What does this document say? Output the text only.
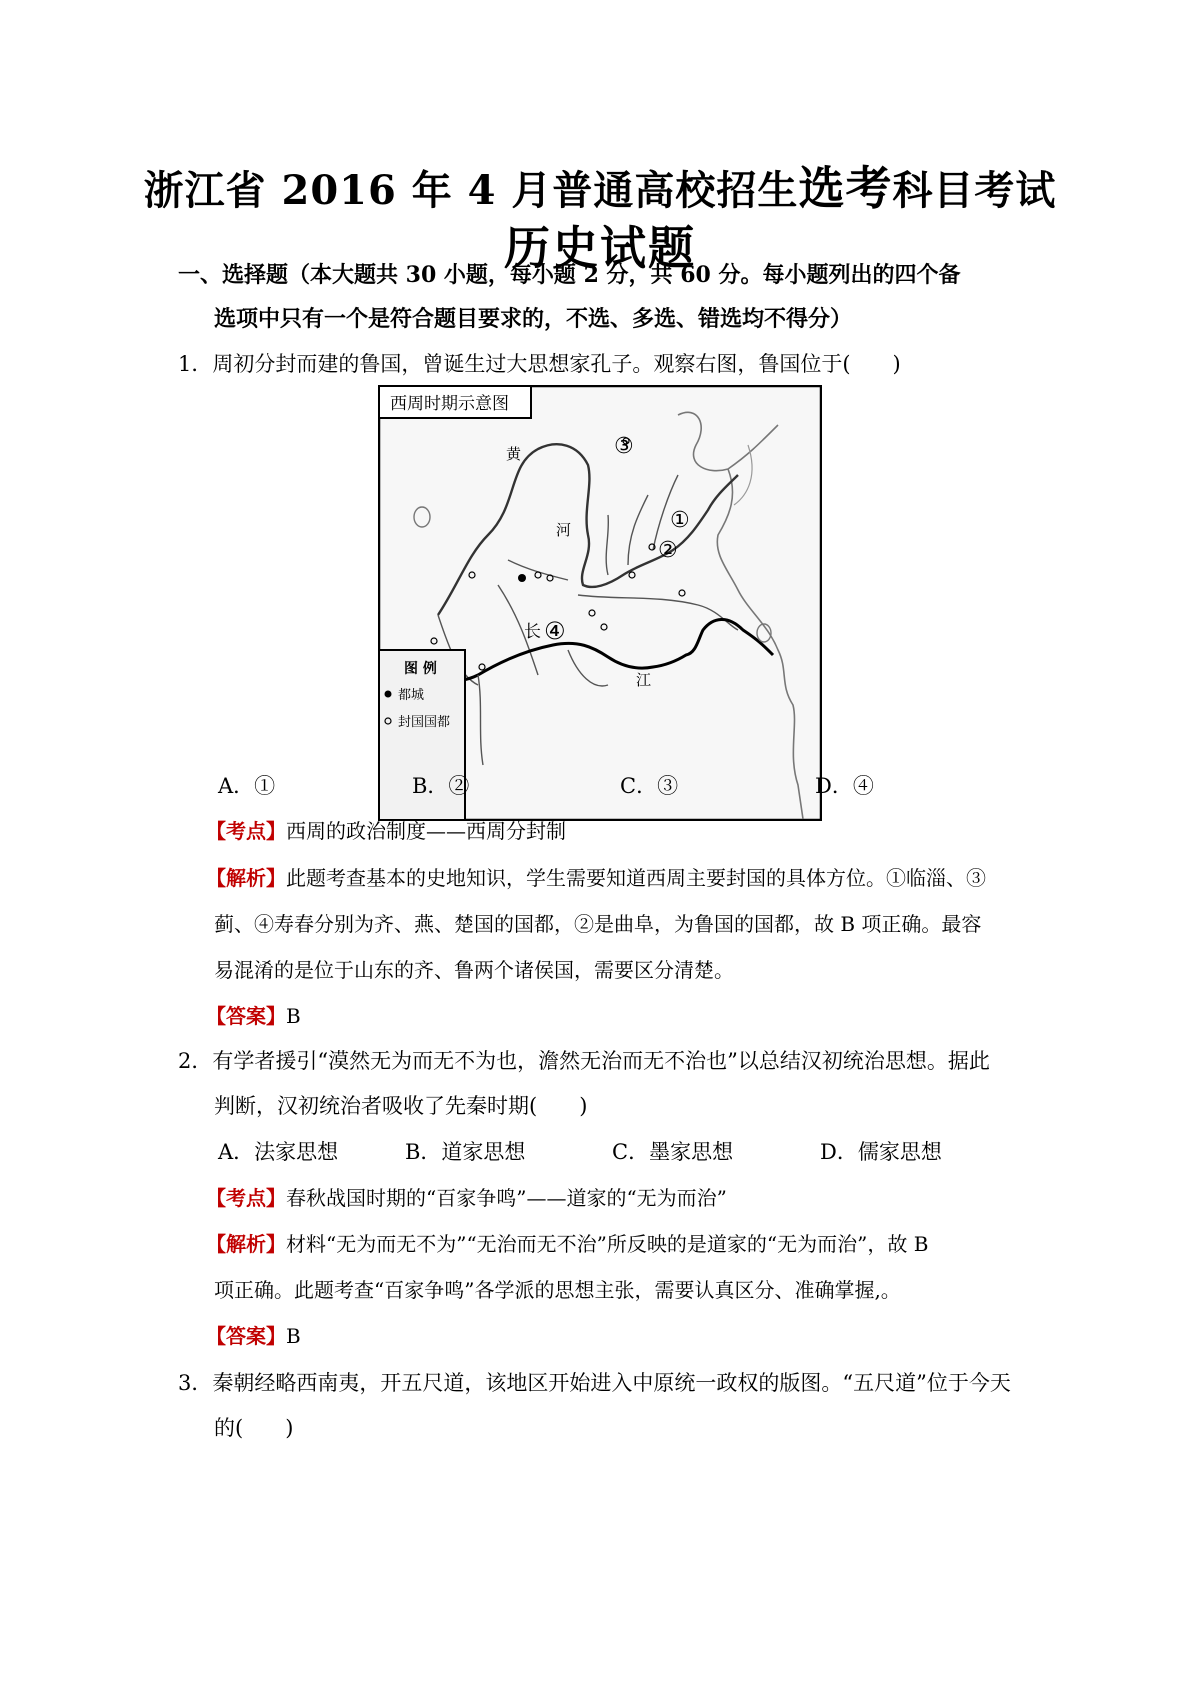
浙江省 2016 年 4 月普通高校招生选考科目考试
历史试题
一、选择题（本大题共 30 小题，每小题 2 分，共 60 分。每小题列出的四个备
选项中只有一个是符合题目要求的，不选、多选、错选均不得分）
1．周初分封而建的鲁国，曾诞生过大思想家孔子。观察右图，鲁国位于(　　)
西周时期示意图
黄
河
长
江
③
①
②
④
图 例
都城
封国国都
A．①	B．②	C．③	D．④
【考点】西周的政治制度——西周分封制
【解析】此题考查基本的史地知识，学生需要知道西周主要封国的具体方位。①临淄、③
蓟、④寿春分别为齐、燕、楚国的国都，②是曲阜，为鲁国的国都，故 B 项正确。最容
易混淆的是位于山东的齐、鲁两个诸侯国，需要区分清楚。
【答案】B
2．有学者援引“漠然无为而无不为也，澹然无治而无不治也”以总结汉初统治思想。据此
判断，汉初统治者吸收了先秦时期(　　)
A．法家思想	B．道家思想	C．墨家思想	D．儒家思想
【考点】春秋战国时期的“百家争鸣”——道家的“无为而治”
【解析】材料“无为而无不为”“无治而无不治”所反映的是道家的“无为而治”，故 B
项正确。此题考查“百家争鸣”各学派的思想主张，需要认真区分、准确掌握,。
【答案】B
3．秦朝经略西南夷，开五尺道，该地区开始进入中原统一政权的版图。“五尺道”位于今天
的(　　)
